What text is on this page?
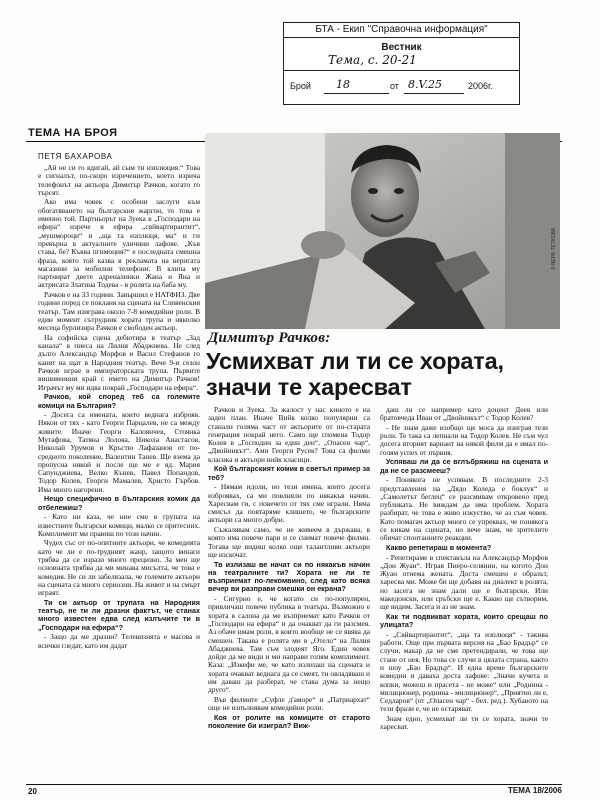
БТА - Екип "Справочна информация"
Вестник
Тема, с. 20-21
Брой 18	от 8.V.25	2006г.
ТЕМА НА БРОЯ
ПЕТЯ БАХАРОВА
© ВЕРА ТЕТКОВА
Димитър Рачков:
Усмихват ли ти се хората, значи те харесват

„Ай не си го вдигай, ай сым ти изплюция.“ Това е сигналът, по-скоро изречението, което изрича телефонът на актьора Димитър Рачков, когато го търсят.

Ако има човек с особени заслуги към обогатяването на българския жаргон, то това е именно той. Партньорът на Зуека в „Господари на ефира“ изрече в ефира „свйвартирантит“, „мушмороци“ и „ща та изплюця, ма“ и ги превърна в актуалните уличини лафове. „Къв става, бе? Къвва пгимоция?“ е последната смешна фраза, която той казва в рекламата на веригата магазини за мобилни телефони. В клипа му партнират двете адреналинки Жана и Яна и актрисата Златина Тодева - в ролята на баба му.

Рачков е на 33 години. Завършил е НАТФИЗ. Две години поред се покланя на сцената на Сливенския театър. Там изиграва около 7-8 комедийни роли. В един момент сътрудник хората трупа и няколко месеца бурлизира Рачков е свободен актьор.

На софийска сцена дебютира в театър „Зад канала“ в пиеса на Лилия Абаджиева. Не след дълго Александър Морфов и Васил Стефанов го канят на щат в Народния театър. Вече 9-и сезон Рачков играе в императорската трупа. Първите вишивенини край с името на Димитър Рачков! Играчът му ми идва покрай „Господари на ефира“.

Рачков, кой според теб са големите комици на България?

- Досега са имената, които веднага изброяв. Някои от тях - като Георги Парцалев, не са между живите. Иначе Георги Калоянчев, Стоянка Мутафова, Татяна Лолова, Никола Анастасов, Николай Урумов и Кръстю Лафазанов от по-средното поколение, Валентин Танев. Ще взема да пропусна някой и после ще ме е яд. Мария Сапунджиева, Велко Кънев, Павел Попандов, Тодор Колев, Георги Мамалев, Христо Гърбов. Има много нагорени.

Нещо специфично в българския комик да отбележиш?

- Като ни каза, че ние сме в групата на известните български комици, малко се притесних. Комплимент ми правиш по този начин.

Чудех със от по-опитните актьори, че комедията като че ли е по-трудният жанр, защото винаги трябва да се изрази много прецизно. За мен ще основната трябва да ми минава мисълта, че това е комедия. Не си ли забелязала, че големите актьори на сцената са много сериозни. На живот и на смърт играят.

Ти си актьор от трупата на Народния театър, не ти ли дразни фактът, че станах много известен едва след излъчите ти в „Господари на ефира“?

- Защо да ме дразни? Телевизията е масова и всички гледат, като им дадат

Рачков и Зуека. За жалост у нас киното е на заден план. Иначе Вийк колко популярни са станали голяма част от актьорите от по-старата генерация покрай него. Само ще спомена Тодор Колев в „Господин за един ден“, „Опасен чар“, „Двойникът“. Ами Георги Русев? Това са филми класика и актьори вийк класици.

Кой българският комик в светъл пример за теб?

- Нямам идоли, но тези имена, които досега изброявах, са ми повлияли по някакъв начин. Харесвам ги, с повечето от тях сме играли. Няма смисъл да повтаряме клишето, че българските актьори са много добри.

Съжалявам само, че не живеем в държава, в която има повече пари и се снимат повече филми. Тогава ще видиш колко още талантливи актьори ще изскочат.

Тв излизаш ве начат си по някакъв начин на театралните ти? Хората не ли те възприемат по-лекомвино, след като всяка вечер ви разправи смешки он екрана?

- Сигурно е, че когато си по-популярен, привличаш повече публика в театъра. Възможно е хората в салона да ме възприемат като Рачков от „Господари на ефира“ и да очакват да ги разсмея. Аз обаче имам роли, в които вообще не се явява да смешен. Такава е ролята ми в „Отело“ на Лилия Абаджиева. Там съм злодеят Яго. Един човек дойде да ме види и ми направи голям комплимент. Каза: „Изкефи ме, че като излизаш на сцената и хората очакват веднага да се смеят, ти овладяваш и им даваш да разберат, че става дума за нещо друго“.

Във филмите „Суфле д'аморе“ и „Патриархат“ още не изпълнявам комедийни роли.

Коя от ролите на комиците от старото поколение би изиграл? Виж-

даш ли се например като доцент Деев или братовчеда Иван от „Двойникът“ с Тодор Колев?

- Не знам даже изобщо ще моса да изиграя тези роли. Те така са лепнали на Тодор Колев. Не съм чул досега вторият вариант на някой филм да е имал по-голям успех от първия.

Успяваш ли да се вглъбряжиш на сцената и да не се разсмееш?

- Понякога не успявам. В последните 2-3 представления на „Дядо Коледа е боклук“ и „Самолетът беглец“ се разсмивам откровено пред публиката. Не виждам да има проблем. Хората разбират, че това е живо изкуство, че аз съм човек. Като помагач актьор много се упреквах, че понякога се кикам на сцената, но вече знам, че зрителите обичат спонтанните реакции.

Какво репетираш в момента?

- Репетираме в спектакъла на Александър Морфов „Дон Жуан“. Играя Пиеро-селянин, на когото Дон Жуан отнема жената. Доста смешен е образът, харесва ми. Може би ще добавя на диалект в ролята, но засега не знам дали ще е български. Или македонски, или сръбски ще е. Какво ще сътворим, ще видим. Засега и аз не знам.

Как ти подвикват хората, които срещаш по улицата?

- „Свйвартирантит“, „ща та изплюця“ - такива работи. Още при първата версия на „Бао Брадър“ се случи, макар да не сме претендирали, че това ще стане от нея. Но това се случи в цялата страна, както и шоу „Бао Брадър“. И една време българските комедии и даваха доста лафове: „Значи кучета и копки, можеш и прасета - не може“ или „Роднина - милиционер, роднина - милиционер“, „Приятно ли е, Седларов“ (от „Опасен чар“ - бел. ред.). Хубавото на тези фрази е, че не остаряват.

Знам едно, усмихват ли ти се хората, значи те харесват.

20	ТЕМА 18/2006
